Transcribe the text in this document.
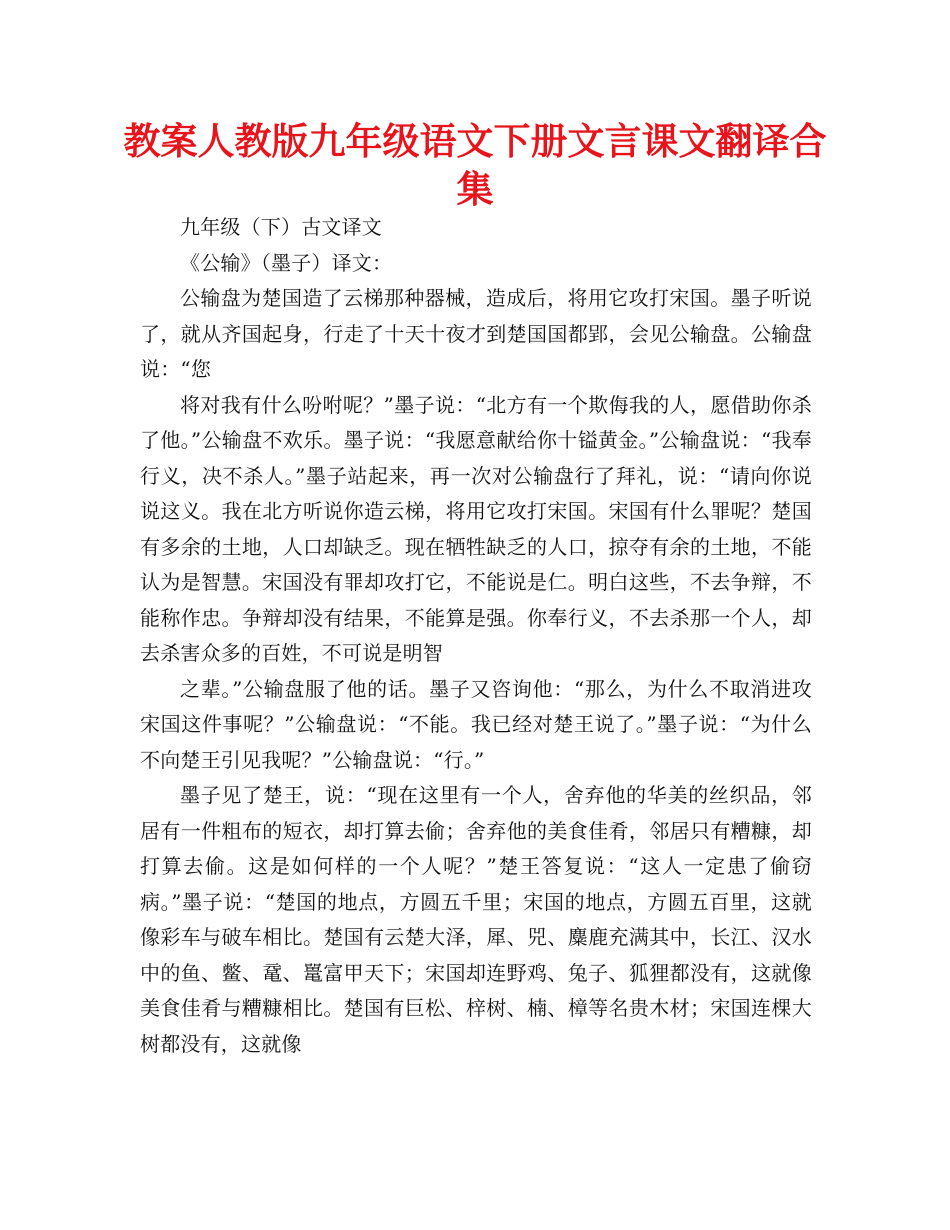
教案人教版九年级语文下册文言课文翻译合集

九年级（下）古文译文

《公输》（墨子）译文：

公输盘为楚国造了云梯那种器械，造成后，将用它攻打宋国。墨子听说了，就从齐国起身，行走了十天十夜才到楚国国都郢，会见公输盘。公输盘说：“您

将对我有什么吩咐呢？”墨子说：“北方有一个欺侮我的人，愿借助你杀了他。”公输盘不欢乐。墨子说：“我愿意献给你十镒黄金。”公输盘说：“我奉行义，决不杀人。”墨子站起来，再一次对公输盘行了拜礼，说：“请向你说说这义。我在北方听说你造云梯，将用它攻打宋国。宋国有什么罪呢？楚国有多余的土地，人口却缺乏。现在牺牲缺乏的人口，掠夺有余的土地，不能认为是智慧。宋国没有罪却攻打它，不能说是仁。明白这些，不去争辩，不能称作忠。争辩却没有结果，不能算是强。你奉行义，不去杀那一个人，却去杀害众多的百姓，不可说是明智

之辈。”公输盘服了他的话。墨子又咨询他：“那么，为什么不取消进攻宋国这件事呢？”公输盘说：“不能。我已经对楚王说了。”墨子说：“为什么不向楚王引见我呢？”公输盘说：“行。”

墨子见了楚王，说：“现在这里有一个人，舍弃他的华美的丝织品，邻居有一件粗布的短衣，却打算去偷；舍弃他的美食佳肴，邻居只有糟糠，却打算去偷。这是如何样的一个人呢？”楚王答复说：“这人一定患了偷窃病。”墨子说：“楚国的地点，方圆五千里；宋国的地点，方圆五百里，这就像彩车与破车相比。楚国有云楚大泽，犀、兕、麋鹿充满其中，长江、汉水中的鱼、鳖、鼋、鼍富甲天下；宋国却连野鸡、兔子、狐狸都没有，这就像美食佳肴与糟糠相比。楚国有巨松、梓树、楠、樟等名贵木材；宋国连棵大树都没有，这就像
